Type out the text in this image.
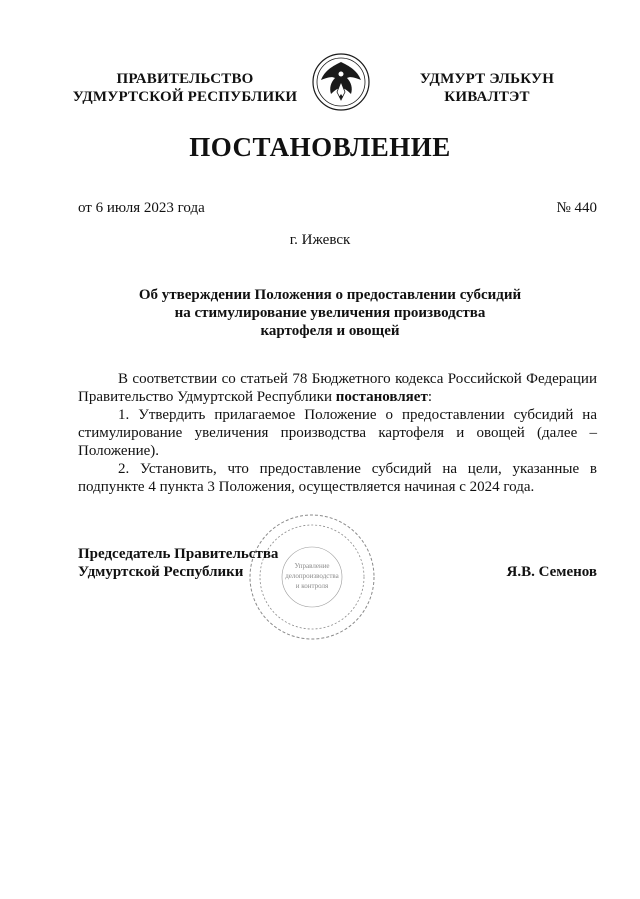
ПРАВИТЕЛЬСТВО
УДМУРТСКОЙ РЕСПУБЛИКИ
УДМУРТ ЭЛЬКУН
КИВАЛТЭТ
ПОСТАНОВЛЕНИЕ
от 6 июля 2023 года	№ 440
г. Ижевск
Об утверждении Положения о предоставлении субсидий
на стимулирование увеличения производства
картофеля и овощей

В соответствии со статьей 78 Бюджетного кодекса Российской Федерации Правительство Удмуртской Республики постановляет:

1. Утвердить прилагаемое Положение о предоставлении субсидий на стимулирование увеличения производства картофеля и овощей (далее – Положение).

2. Установить, что предоставление субсидий на цели, указанные в подпункте 4 пункта 3 Положения, осуществляется начиная с 2024 года.

Управление
делопроизводства
и контроля
Председатель Правительства
Удмуртской Республики	Я.В. Семенов
